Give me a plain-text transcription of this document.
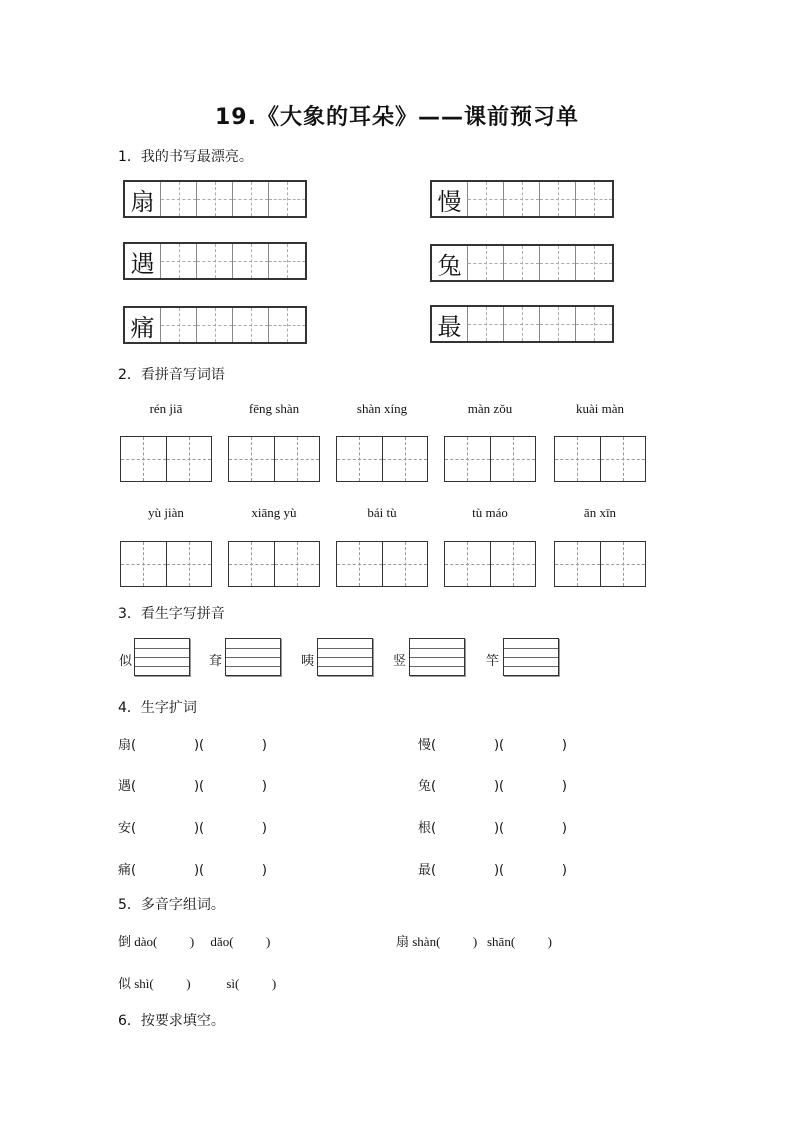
19.《大象的耳朵》——课前预习单
1．我的书写最漂亮。
扇	慢
遇	兔
痛	最
2．看拼音写词语
rén jiā	fēng shàn	shàn xíng	màn zǒu	kuài màn
yù jiàn	xiāng yù	bái tù	tù máo	ān xīn
3．看生字写拼音
似	耷	咦	竖	竿
4．生字扩词
扇(              )(              )	慢(              )(              )
遇(              )(              )	兔(              )(              )
安(              )(              )	根(              )(              )
痛(              )(              )	最(              )(              )
5．多音字组词。
倒 dào(          )     dǎo(          )	扇 shàn(          )   shān(          )
似 shì(          )           sì(          )
6．按要求填空。
